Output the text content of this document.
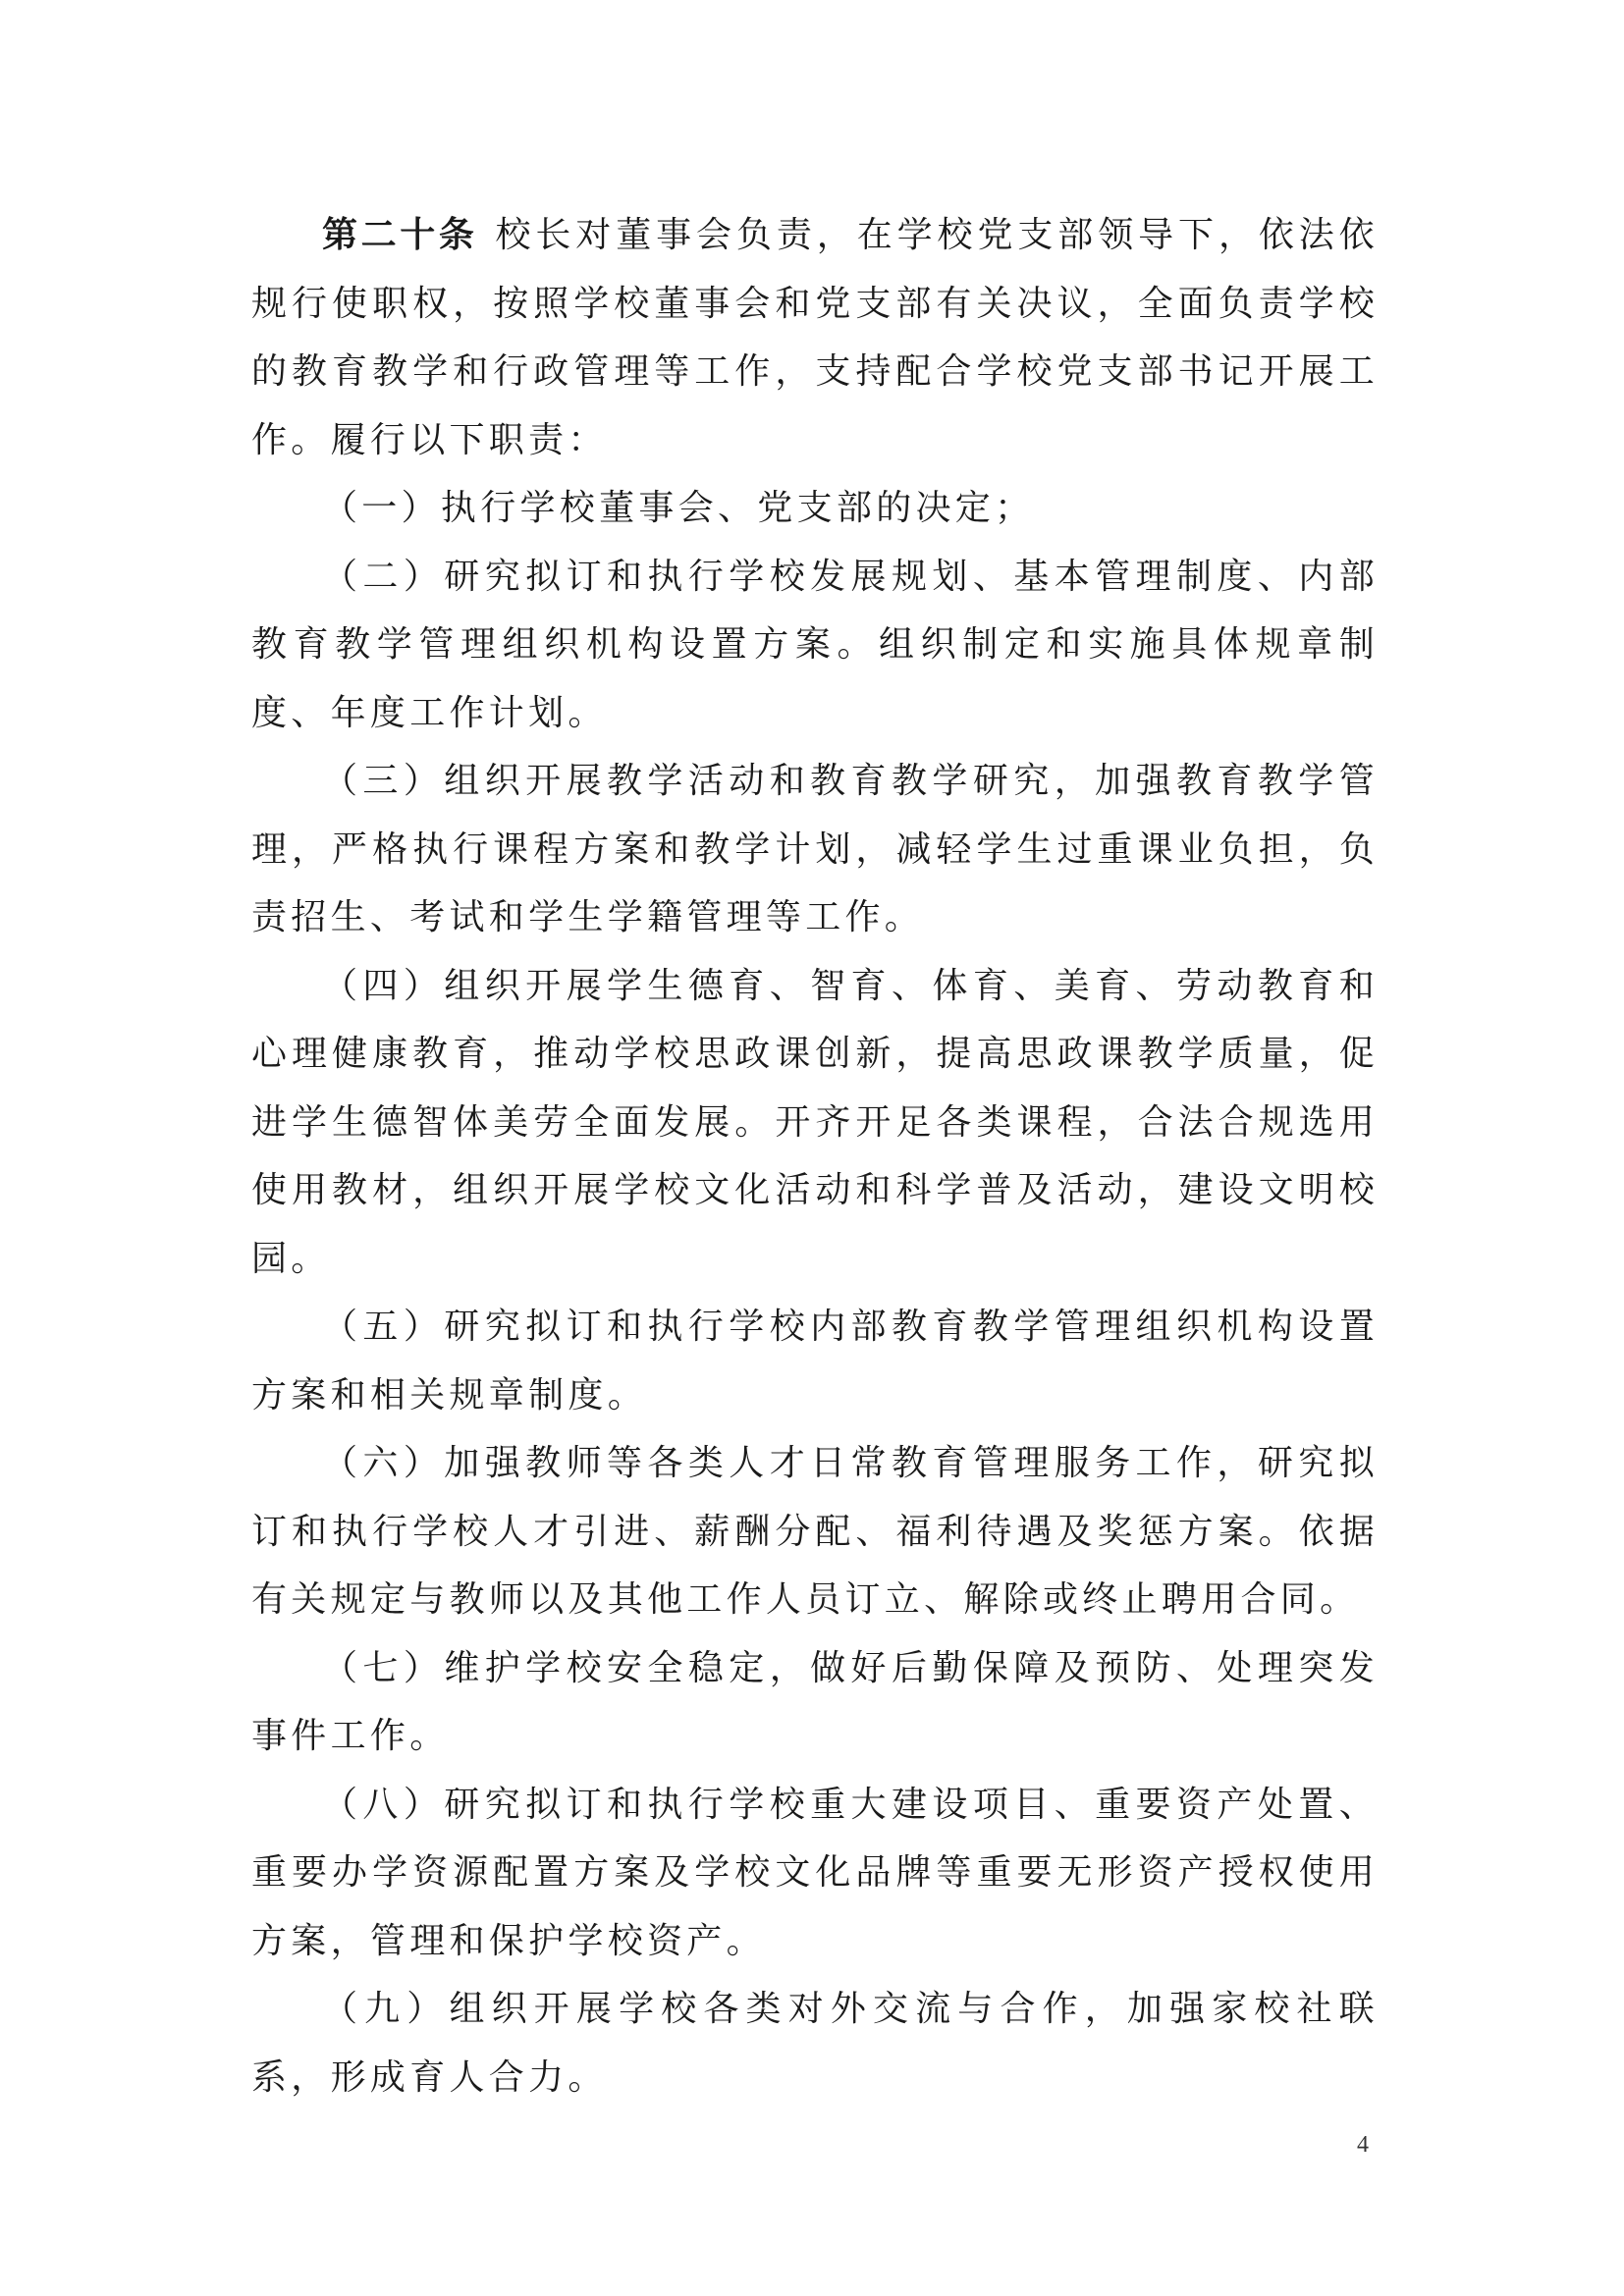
第二十条 校长对董事会负责，在学校党支部领导下，依法依规行使职权，按照学校董事会和党支部有关决议，全面负责学校的教育教学和行政管理等工作，支持配合学校党支部书记开展工作。履行以下职责：

（一）执行学校董事会、党支部的决定；

（二）研究拟订和执行学校发展规划、基本管理制度、内部教育教学管理组织机构设置方案。组织制定和实施具体规章制度、年度工作计划。

（三）组织开展教学活动和教育教学研究，加强教育教学管理，严格执行课程方案和教学计划，减轻学生过重课业负担，负责招生、考试和学生学籍管理等工作。

（四）组织开展学生德育、智育、体育、美育、劳动教育和心理健康教育，推动学校思政课创新，提高思政课教学质量，促进学生德智体美劳全面发展。开齐开足各类课程，合法合规选用使用教材，组织开展学校文化活动和科学普及活动，建设文明校园。

（五）研究拟订和执行学校内部教育教学管理组织机构设置方案和相关规章制度。

（六）加强教师等各类人才日常教育管理服务工作，研究拟订和执行学校人才引进、薪酬分配、福利待遇及奖惩方案。依据有关规定与教师以及其他工作人员订立、解除或终止聘用合同。

（七）维护学校安全稳定，做好后勤保障及预防、处理突发事件工作。

（八）研究拟订和执行学校重大建设项目、重要资产处置、重要办学资源配置方案及学校文化品牌等重要无形资产授权使用方案，管理和保护学校资产。

（九）组织开展学校各类对外交流与合作，加强家校社联系，形成育人合力。

4
